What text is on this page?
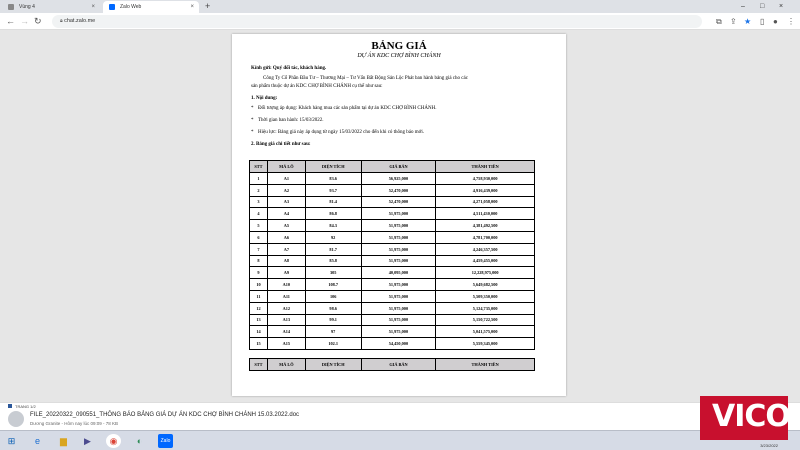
Vùng 4	×	Zalo Web	× +	‒ □ ×
← → ↻	🔒︎ chat.zalo.me	⧉ ⇪ ★ ▯ ● ⋮
BẢNG GIÁ
DỰ ÁN KDC CHỢ BÌNH CHÁNH
Kính gửi: Quý đối tác, khách hàng.
Công Ty Cổ Phần Đầu Tư – Thương Mại – Tư Vấn Bất Động Sản Lộc Phát ban hành bảng giá cho các
sản phẩm thuộc dự án KDC CHỢ BÌNH CHÁNH cụ thể như sau:
1. Nội dung:
* Đối tượng áp dụng: Khách hàng mua các sản phẩm tại dự án KDC CHỢ BÌNH CHÁNH.
* Thời gian ban hành: 15/03/2022.
* Hiệu lực: Bảng giá này áp dụng từ ngày 15/03/2022 cho đến khi có thông báo mới.
2. Bảng giá chi tiết như sau:
STT	MÃ LÔ	DIỆN TÍCH	GIÁ BÁN	THÀNH TIỀN
1	A1	83.6	56,925,000	4,758,930,000
2	A2	93.7	52,470,000	4,916,439,000
3	A3	81.4	52,470,000	4,271,058,000
4	A4	86.8	51,975,000	4,511,430,000
5	A5	84.3	51,975,000	4,381,492,500
6	A6	92	51,975,000	4,781,700,000
7	A7	81.7	51,975,000	4,246,357,500
8	A8	85.8	51,975,000	4,459,455,000
9	A9	305	40,095,000	12,228,975,000
10	A10	108.7	51,975,000	5,649,682,500
11	A11	106	51,975,000	5,509,350,000
12	A12	98.6	51,975,000	5,124,735,000
13	A13	99.1	51,975,000	5,150,722,500
14	A14	97	51,975,000	5,041,575,000
15	A15	102.1	54,450,000	5,559,345,000
STT	MÃ LÔ	DIỆN TÍCH	GIÁ BÁN	THÀNH TIỀN
TRANG 1/2
FILE_20220322_090551_THÔNG BÁO BẢNG GIÁ DỰ ÁN KDC CHỢ BÌNH CHÁNH 15.03.2022.doc
Dương Granite - Hôm nay lúc 09:09 - 78 KB
⊞	e	▆	▶	◉	◐	Zalo
3/23/2022
VICO
